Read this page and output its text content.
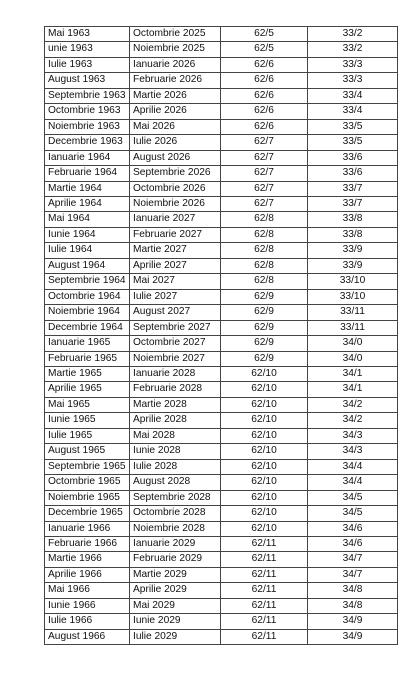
Mai 1963	Octombrie 2025	62/5	33/2
unie 1963	Noiembrie 2025	62/5	33/2
Iulie 1963	Ianuarie 2026	62/6	33/3
August 1963	Februarie 2026	62/6	33/3
Septembrie 1963	Martie 2026	62/6	33/4
Octombrie 1963	Aprilie 2026	62/6	33/4
Noiembrie 1963	Mai 2026	62/6	33/5
Decembrie 1963	Iulie 2026	62/7	33/5
Ianuarie 1964	August 2026	62/7	33/6
Februarie 1964	Septembrie 2026	62/7	33/6
Martie 1964	Octombrie 2026	62/7	33/7
Aprilie 1964	Noiembrie 2026	62/7	33/7
Mai 1964	Ianuarie 2027	62/8	33/8
Iunie 1964	Februarie 2027	62/8	33/8
Iulie 1964	Martie 2027	62/8	33/9
August 1964	Aprilie 2027	62/8	33/9
Septembrie 1964	Mai 2027	62/8	33/10
Octombrie 1964	Iulie 2027	62/9	33/10
Noiembrie 1964	August 2027	62/9	33/11
Decembrie 1964	Septembrie 2027	62/9	33/11
Ianuarie 1965	Octombrie 2027	62/9	34/0
Februarie 1965	Noiembrie 2027	62/9	34/0
Martie 1965	Ianuarie 2028	62/10	34/1
Aprilie 1965	Februarie 2028	62/10	34/1
Mai 1965	Martie 2028	62/10	34/2
Iunie 1965	Aprilie 2028	62/10	34/2
Iulie 1965	Mai 2028	62/10	34/3
August 1965	Iunie 2028	62/10	34/3
Septembrie 1965	Iulie 2028	62/10	34/4
Octombrie 1965	August 2028	62/10	34/4
Noiembrie 1965	Septembrie 2028	62/10	34/5
Decembrie 1965	Octombrie 2028	62/10	34/5
Ianuarie 1966	Noiembrie 2028	62/10	34/6
Februarie 1966	Ianuarie 2029	62/11	34/6
Martie 1966	Februarie 2029	62/11	34/7
Aprilie 1966	Martie 2029	62/11	34/7
Mai 1966	Aprilie 2029	62/11	34/8
Iunie 1966	Mai 2029	62/11	34/8
Iulie 1966	Iunie 2029	62/11	34/9
August 1966	Iulie 2029	62/11	34/9
